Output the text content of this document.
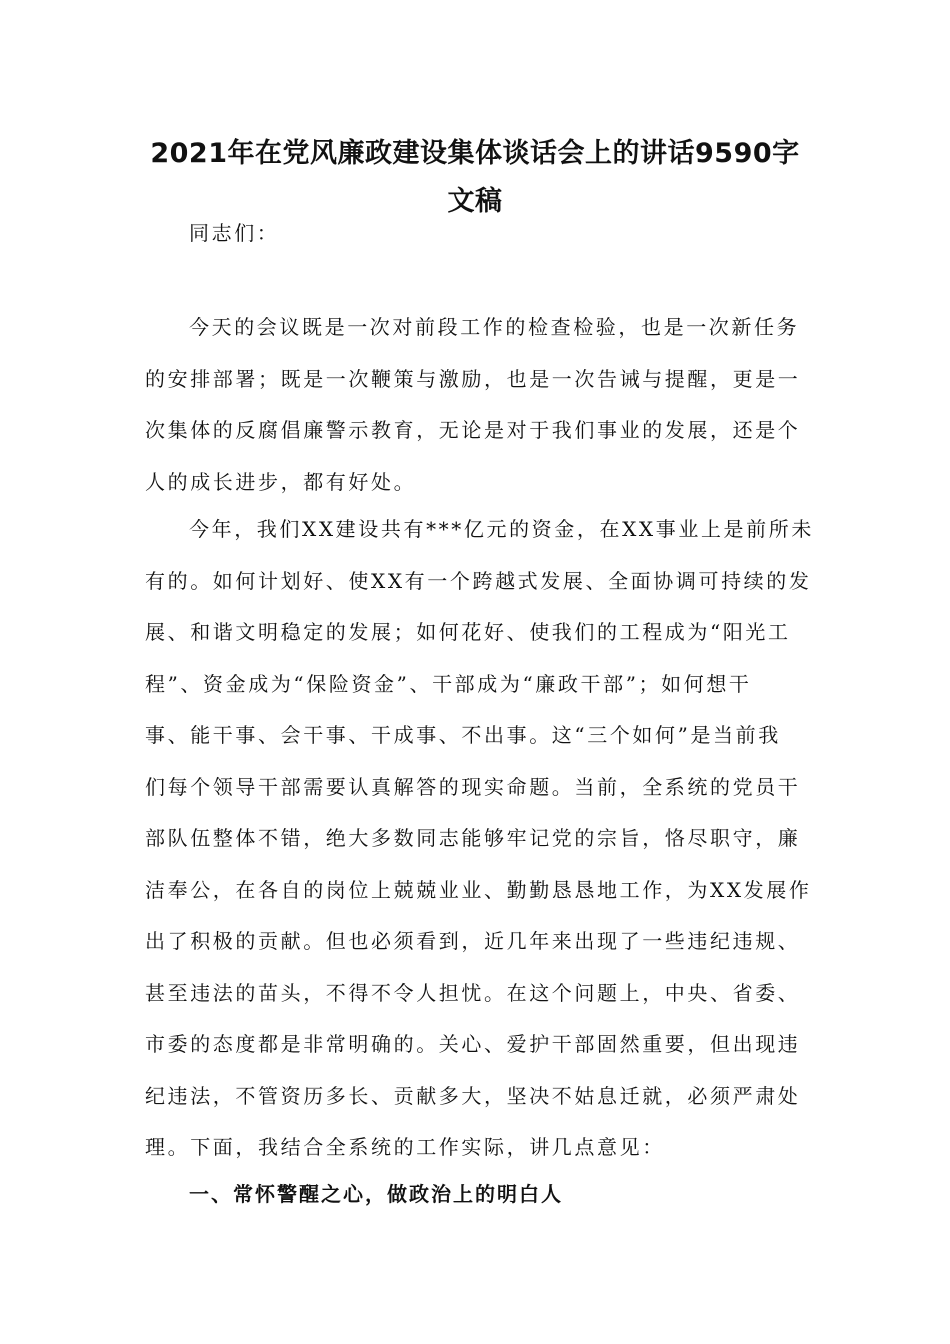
2021年在党风廉政建设集体谈话会上的讲话9590字
文稿
同志们：
今天的会议既是一次对前段工作的检查检验，也是一次新任务
的安排部署；既是一次鞭策与激励，也是一次告诫与提醒，更是一
次集体的反腐倡廉警示教育，无论是对于我们事业的发展，还是个
人的成长进步，都有好处。
今年，我们XX建设共有***亿元的资金，在XX事业上是前所未
有的。如何计划好、使XX有一个跨越式发展、全面协调可持续的发
展、和谐文明稳定的发展；如何花好、使我们的工程成为“阳光工
程”、资金成为“保险资金”、干部成为“廉政干部”；如何想干
事、能干事、会干事、干成事、不出事。这“三个如何”是当前我
们每个领导干部需要认真解答的现实命题。当前，全系统的党员干
部队伍整体不错，绝大多数同志能够牢记党的宗旨，恪尽职守，廉
洁奉公，在各自的岗位上兢兢业业、勤勤恳恳地工作，为XX发展作
出了积极的贡献。但也必须看到，近几年来出现了一些违纪违规、
甚至违法的苗头，不得不令人担忧。在这个问题上，中央、省委、
市委的态度都是非常明确的。关心、爱护干部固然重要，但出现违
纪违法，不管资历多长、贡献多大，坚决不姑息迁就，必须严肃处
理。下面，我结合全系统的工作实际，讲几点意见：
一、常怀警醒之心，做政治上的明白人
